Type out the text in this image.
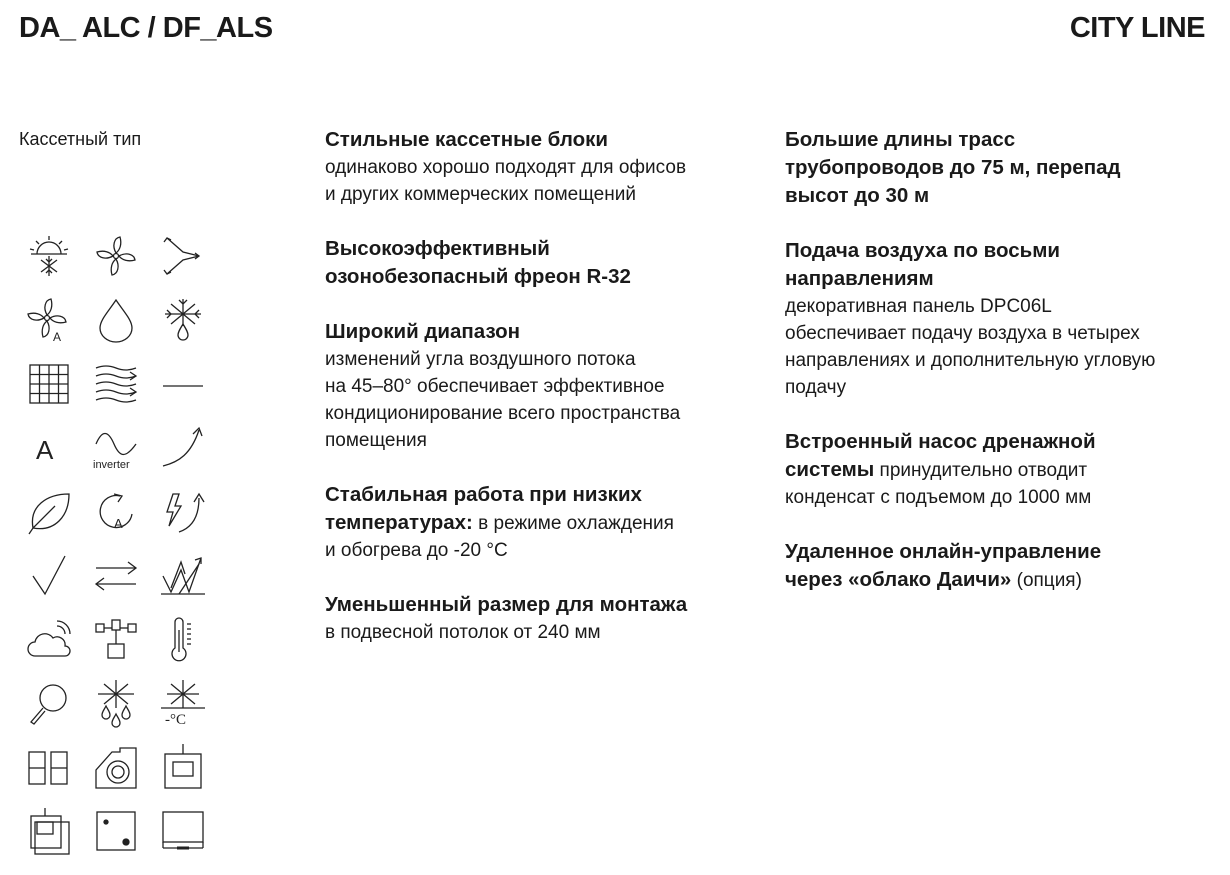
DA_ ALC / DF_ALS	CITY LINE
Кассетный тип
A
A	inverter
A
-°C
Стильные кассетные блоки
одинаково хорошо подходят для офисов
и других коммерческих помещений
Высокоэффективный
озонобезопасный фреон R-32
Широкий диапазон
изменений угла воздушного потока
на 45–80° обеспечивает эффективное
кондиционирование всего пространства
помещения
Стабильная работа при низких
температурах: в режиме охлаждения
и обогрева до -20 °С
Уменьшенный размер для монтажа
в подвесной потолок от 240 мм
Большие длины трасс
трубопроводов до 75 м, перепад
высот до 30 м
Подача воздуха по восьми
направлениям
декоративная панель DPC06L
обеспечивает подачу воздуха в четырех
направлениях и дополнительную угловую
подачу
Встроенный насос дренажной
системы принудительно отводит
конденсат с подъемом до 1000 мм
Удаленное онлайн-управление
через «облако Даичи» (опция)
